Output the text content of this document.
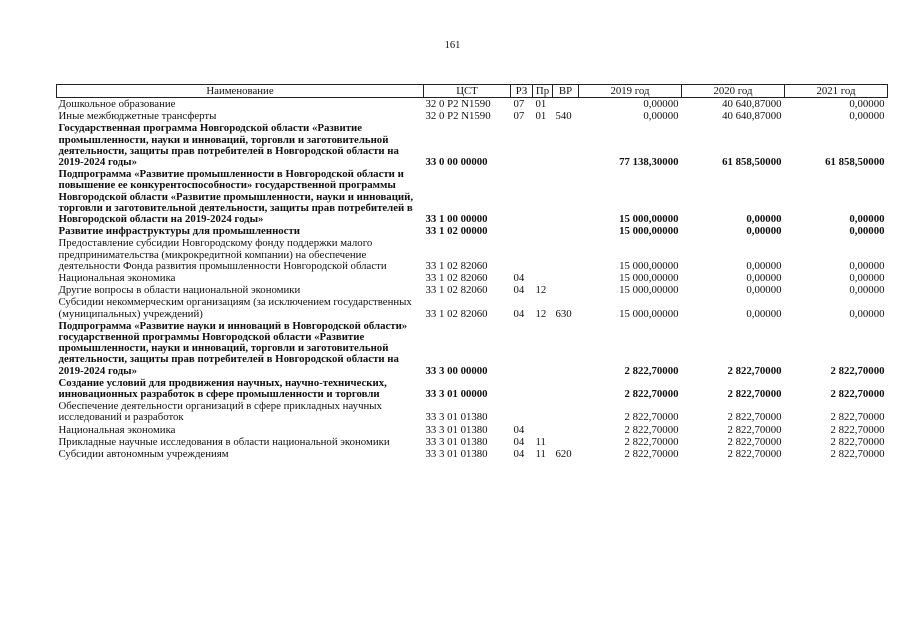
161
Наименование	ЦСТ	РЗ	Пр	ВР	2019 год	2020 год	2021 год
Дошкольное образование	32 0 P2 N1590	07	01		0,00000	40 640,87000	0,00000
Иные межбюджетные трансферты	32 0 P2 N1590	07	01	540	0,00000	40 640,87000	0,00000
Государственная программа Новгородской области «Развитие промышленности, науки и инноваций, торговли и заготовительной деятельности, защиты прав потребителей в Новгородской области на 2019-2024 годы»	33 0 00 00000				77 138,30000	61 858,50000	61 858,50000
Подпрограмма «Развитие промышленности в Новгородской области и повышение ее конкурентоспособности» государственной программы Новгородской области «Развитие промышленности, науки и инноваций, торговли и заготовительной деятельности, защиты прав потребителей в Новгородской области на 2019-2024 годы»	33 1 00 00000				15 000,00000	0,00000	0,00000
Развитие инфраструктуры для промышленности	33 1 02 00000				15 000,00000	0,00000	0,00000
Предоставление субсидии Новгородскому фонду поддержки малого предпринимательства (микрокредитной компании) на обеспечение деятельности Фонда развития промышленности Новгородской области	33 1 02 82060				15 000,00000	0,00000	0,00000
Национальная экономика	33 1 02 82060	04			15 000,00000	0,00000	0,00000
Другие вопросы в области национальной экономики	33 1 02 82060	04	12		15 000,00000	0,00000	0,00000
Субсидии некоммерческим организациям (за исключением государственных (муниципальных) учреждений)	33 1 02 82060	04	12	630	15 000,00000	0,00000	0,00000
Подпрограмма «Развитие науки и инноваций в Новгородской области» государственной программы Новгородской области «Развитие промышленности, науки и инноваций, торговли и заготовительной деятельности, защиты прав потребителей в Новгородской области на 2019-2024 годы»	33 3 00 00000				2 822,70000	2 822,70000	2 822,70000
Создание условий для продвижения научных, научно-технических, инновационных разработок в сфере промышленности и торговли	33 3 01 00000				2 822,70000	2 822,70000	2 822,70000
Обеспечение деятельности организаций в сфере прикладных научных исследований и разработок	33 3 01 01380				2 822,70000	2 822,70000	2 822,70000
Национальная экономика	33 3 01 01380	04			2 822,70000	2 822,70000	2 822,70000
Прикладные научные исследования в области национальной экономики	33 3 01 01380	04	11		2 822,70000	2 822,70000	2 822,70000
Субсидии автономным учреждениям	33 3 01 01380	04	11	620	2 822,70000	2 822,70000	2 822,70000
